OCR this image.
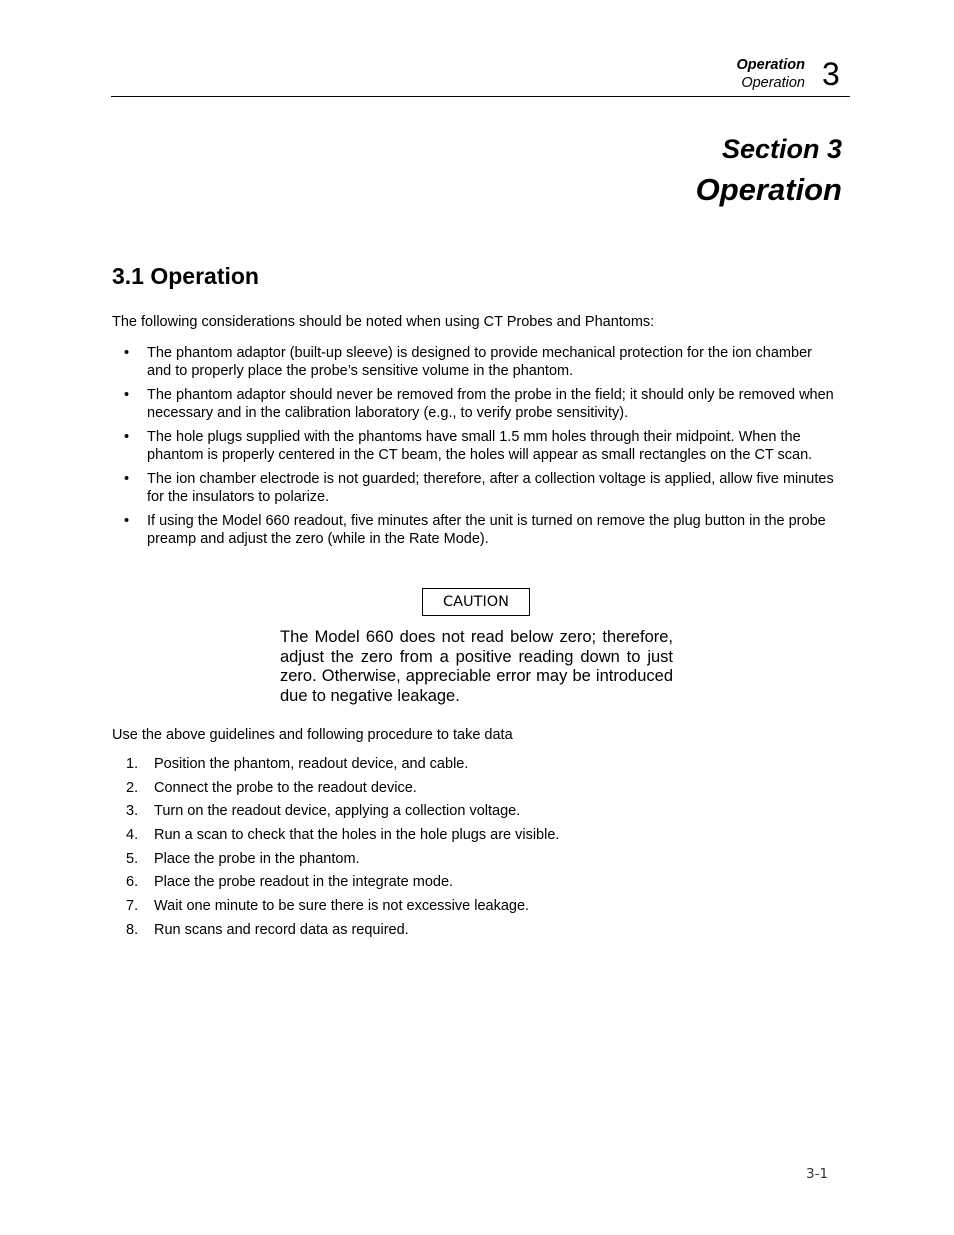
Operation
Operation 3
Section 3
Operation
3.1 Operation
The following considerations should be noted when using CT Probes and Phantoms:
• The phantom adaptor (built-up sleeve) is designed to provide mechanical protection for the ion chamber and to properly place the probe’s sensitive volume in the phantom.
• The phantom adaptor should never be removed from the probe in the field; it should only be removed when necessary and in the calibration laboratory (e.g., to verify probe sensitivity).
• The hole plugs supplied with the phantoms have small 1.5 mm holes through their midpoint. When the phantom is properly centered in the CT beam, the holes will appear as small rectangles on the CT scan.
• The ion chamber electrode is not guarded; therefore, after a collection voltage is applied, allow five minutes for the insulators to polarize.
• If using the Model 660 readout, five minutes after the unit is turned on remove the plug button in the probe preamp and adjust the zero (while in the Rate Mode).
CAUTION
The Model 660 does not read below zero; therefore, adjust the zero from a positive reading down to just zero. Otherwise, appreciable error may be introduced due to negative leakage.
Use the above guidelines and following procedure to take data
1. Position the phantom, readout device, and cable.
2. Connect the probe to the readout device.
3. Turn on the readout device, applying a collection voltage.
4. Run a scan to check that the holes in the hole plugs are visible.
5. Place the probe in the phantom.
6. Place the probe readout in the integrate mode.
7. Wait one minute to be sure there is not excessive leakage.
8. Run scans and record data as required.
3-1
